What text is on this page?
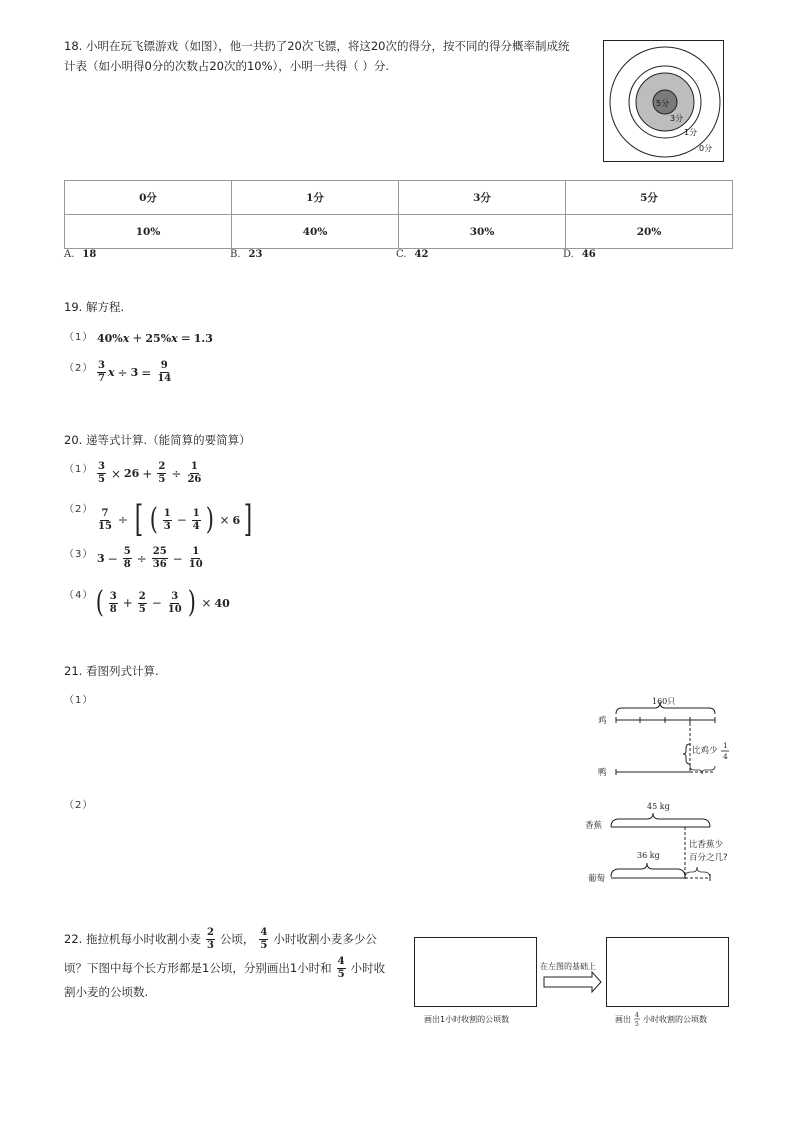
18. 小明在玩飞镖游戏（如图），他一共扔了20次飞镖，将这20次的得分，按不同的得分概率制成统
计表（如小明得0分的次数占20次的10%），小明一共得（ ）分.
5分
3分
1分
0分
0分	1分	3分	5分
10%	40%	30%	20%
A. 18	B. 23	C. 42	D. 46
19. 解方程.
（1） 40% x + 25% x = 1.3
$(2) \frac{3}{7}$ $x \div 3 = \frac{9}{14}$
20. 递等式计算.（能简算的要简算）
$(1) \frac{3}{5} \times 26 + \frac{2}{5} \div \frac{1}{26}$
$(2) \frac{7}{15}$ ÷ [ ( $\frac{1}{3} - \frac{1}{4}$ ) × 6 ]
（3） $3 - \frac{5}{8} \div \frac{25}{36} - \frac{1}{10}$
（4） ( $\frac{3}{8} + \frac{2}{5} - \frac{3}{10}$ ) × 40
21. 看图列式计算.
（1）
（2）
160只
鸡
比鸡少
1
4
鸭
45 kg
香蕉
比香蕉少
百分之几?
36 kg
葡萄
22. 拖拉机每小时收割小麦 $\frac{2}{3}$ 公顷， $\frac{4}{5}$ 小时收割小麦多少公
顷？下图中每个长方形都是1公顷，分别画出1小时和 $\frac{4}{5}$ 小时收
割小麦的公顷数.
在左图的基础上
画出1小时收割的公顷数	画出 4
5
小时收割的公顷数
